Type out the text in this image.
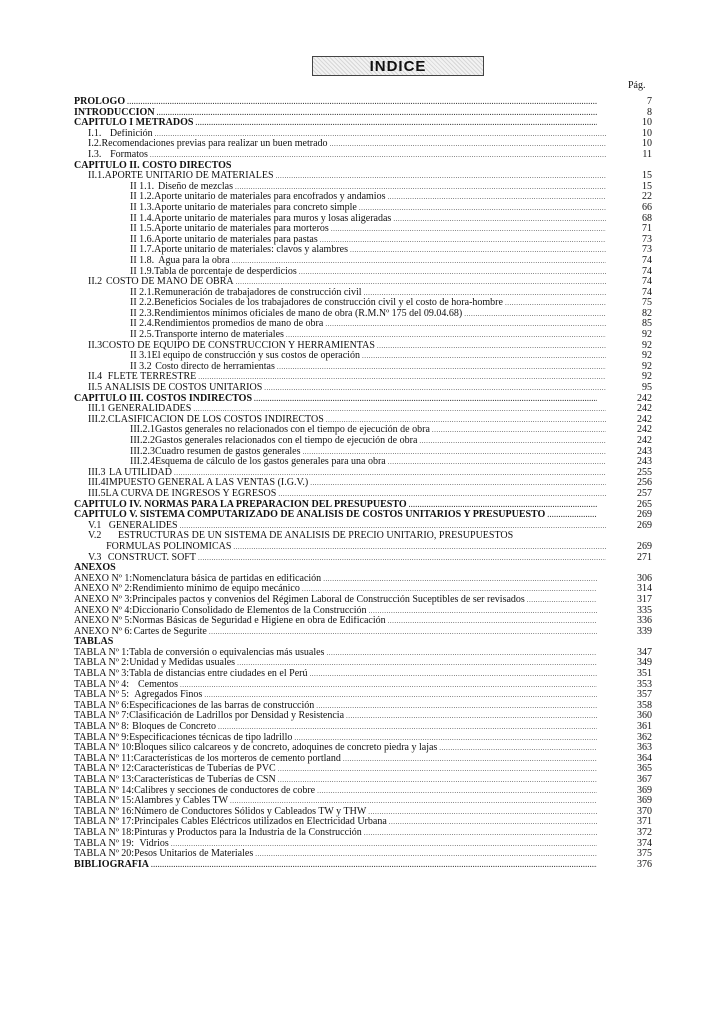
INDICE
Pág.
PROLOGO .....	7
INTRODUCCION .....	8
CAPITULO I METRADOS .....	10
I.1. Definición .....	10
I.2. Recomendaciones previas para realizar un buen metrado .....	10
I.3. Formatos .....	11
CAPITULO II. COSTO DIRECTOS
II.1. APORTE UNITARIO DE MATERIALES .....	15
II 1.1. Diseño de mezclas .....	15
II 1.2. Aporte unitario de materiales para encofrados y andamios .....	22
II 1.3. Aporte unitario de materiales para concreto simple .....	66
II 1.4. Aporte unitario de materiales para muros y losas aligeradas .....	68
II 1.5. Aporte unitario de materiales para morteros .....	71
II 1.6. Aporte unitario de materiales para pastas .....	73
II 1.7. Aporte unitario de materiales: clavos y alambres .....	73
II 1.8. Agua para la obra .....	74
II 1.9. Tabla de porcentaje de desperdicios .....	74
II.2 COSTO DE MANO DE OBRA .....	74
II 2.1. Remuneración de trabajadores de construcción civil .....	74
II 2.2. Beneficios Sociales de los trabajadores de construcción civil y el costo de hora-hombre .....	75
II 2.3. Rendimientos mínimos oficiales de mano de obra (R.M.Nº 175 del 09.04.68) .....	82
II 2.4. Rendimientos promedios de mano de obra .....	85
II 2.5. Transporte interno de materiales .....	92
II.3 COSTO DE EQUIPO DE CONSTRUCCION Y HERRAMIENTAS .....	92
II 3.1 El equipo de construcción y sus costos de operación .....	92
II 3.2 Costo directo de herramientas .....	92
II.4 FLETE TERRESTRE .....	92
II.5 ANALISIS DE COSTOS UNITARIOS .....	95
CAPITULO III. COSTOS INDIRECTOS .....	242
III.1 GENERALIDADES .....	242
III.2. CLASIFICACION DE LOS COSTOS INDIRECTOS .....	242
III.2.1 Gastos generales no relacionados con el tiempo de ejecución de obra .....	242
III.2.2 Gastos generales relacionados con el tiempo de ejecución de obra .....	242
III.2.3 Cuadro resumen de gastos generales .....	243
III.2.4 Esquema de cálculo de los gastos generales para una obra .....	243
III.3 LA UTILIDAD .....	255
III.4 IMPUESTO GENERAL A LAS VENTAS (I.G.V.) .....	256
III.5 LA CURVA DE INGRESOS Y EGRESOS .....	257
CAPITULO IV. NORMAS PARA LA PREPARACION DEL PRESUPUESTO .....	265
CAPITULO V. SISTEMA COMPUTARIZADO DE ANALISIS DE COSTOS UNITARIOS Y PRESUPUESTO .....	269
V.1 GENERALIDES .....	269
V.2	ESTRUCTURAS DE UN SISTEMA DE ANALISIS DE PRECIO UNITARIO, PRESUPUESTOS
FORMULAS POLINOMICAS .....	269
V.3 CONSTRUCT. SOFT .....	271
ANEXOS
ANEXO Nº 1: Nomenclatura básica de partidas en edificación .....	306
ANEXO Nº 2: Rendimiento mínimo de equipo mecánico .....	314
ANEXO Nº 3: Principales pactos y convenios del Régimen Laboral de Construcción Suceptibles de ser revisados .....	317
ANEXO Nº 4: Diccionario Consolidado de Elementos de la Construcción .....	335
ANEXO Nº 5: Normas Básicas de Seguridad e Higiene en obra de Edificación .....	336
ANEXO Nº 6: Cartes de Segurite .....	339
TABLAS
TABLA Nº 1: Tabla de conversión o equivalencias más usuales .....	347
TABLA Nº 2: Unidad y Medidas usuales .....	349
TABLA Nº 3: Tabla de distancias entre ciudades en el Perú .....	351
TABLA Nº 4: Cementos .....	353
TABLA Nº 5: Agregados Finos .....	357
TABLA Nº 6: Especificaciones de las barras de construcción .....	358
TABLA Nº 7: Clasificación de Ladrillos por Densidad y Resistencia .....	360
TABLA Nº 8: Bloques de Concreto .....	361
TABLA Nº 9: Especificaciones técnicas de tipo ladrillo .....	362
TABLA Nº 10: Bloques silico calcareos y de concreto, adoquines de concreto piedra y lajas .....	363
TABLA Nº 11: Características de los morteros de cemento portland .....	364
TABLA Nº 12: Características de Tuberías de PVC .....	365
TABLA Nº 13: Características de Tuberías de CSN .....	367
TABLA Nº 14: Calibres y secciones de conductores de cobre .....	369
TABLA Nº 15: Alambres y Cables TW .....	369
TABLA Nº 16: Número de Conductores Sólidos y Cableados TW y THW .....	370
TABLA Nº 17: Principales Cables Eléctricos utilizados en Electricidad Urbana .....	371
TABLA Nº 18: Pinturas y Productos para la Industria de la Construcción .....	372
TABLA Nº 19: Vidrios .....	374
TABLA Nº 20: Pesos Unitarios de Materiales .....	375
BIBLIOGRAFIA .....	376
